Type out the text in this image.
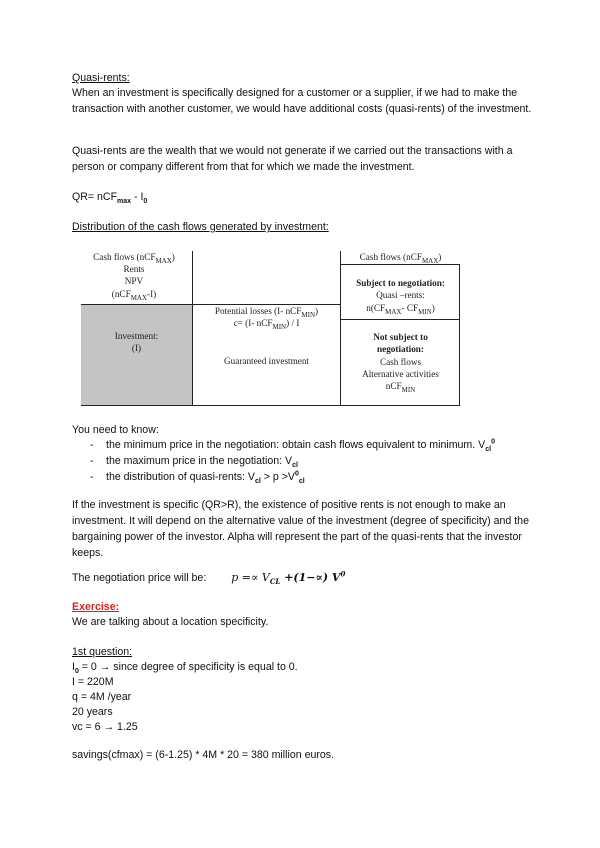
Quasi-rents:
When an investment is specifically designed for a customer or a supplier, if we had to make the transaction with another customer, we would have additional costs (quasi-rents) of the investment.
Quasi-rents are the wealth that we would not generate if we carried out the transactions with a person or company different from that for which we made the investment.
$QR= nCF_{max} - I_0$
Distribution of the cash flows generated by investment:
Cash flows (nCF$_{MAX}$)
Rents
NPV
(nCF$_{MAX}$-I)
Investment:
(I)
Potential losses (I- nCF$_{MIN}$)
c= (I- nCF$_{MIN}$) / I
Guaranteed investment
Cash flows (nCF$_{MAX}$)
Subject to negotiation:
Quasi –rents:
$n(CF_{MAX}-$ $CF_{MIN}$)
Not subject to
negotiation:
Cash flows
Alternative activities
nCF$_{MIN}$
You need to know:
- the minimum price in the negotiation: obtain cash flows equivalent to minimum. $V_{cl}^0$
- the maximum price in the negotiation: $V_{cl}$
- the distribution of quasi-rents: $V_{cl} > p >V^0_{cl}$
If the investment is specific (QR>R), the existence of positive rents is not enough to make an investment. It will depend on the alternative value of the investment (degree of specificity) and the bargaining power of the investor. Alpha will represent the part of the quasi-rents that the investor keeps.
The negotiation price will be: $p =\propto V_{CL} +(1-\propto)$ $V^0$
Exercise:
We are talking about a location specificity.
1st question:
$I_0 = 0$ → since degree of specificity is equal to 0.
I = 220M
q = 4M /year
20 years
vc = 6 → 1.25
savings(cfmax) = (6-1.25) * 4M * 20 = 380 million euros.
